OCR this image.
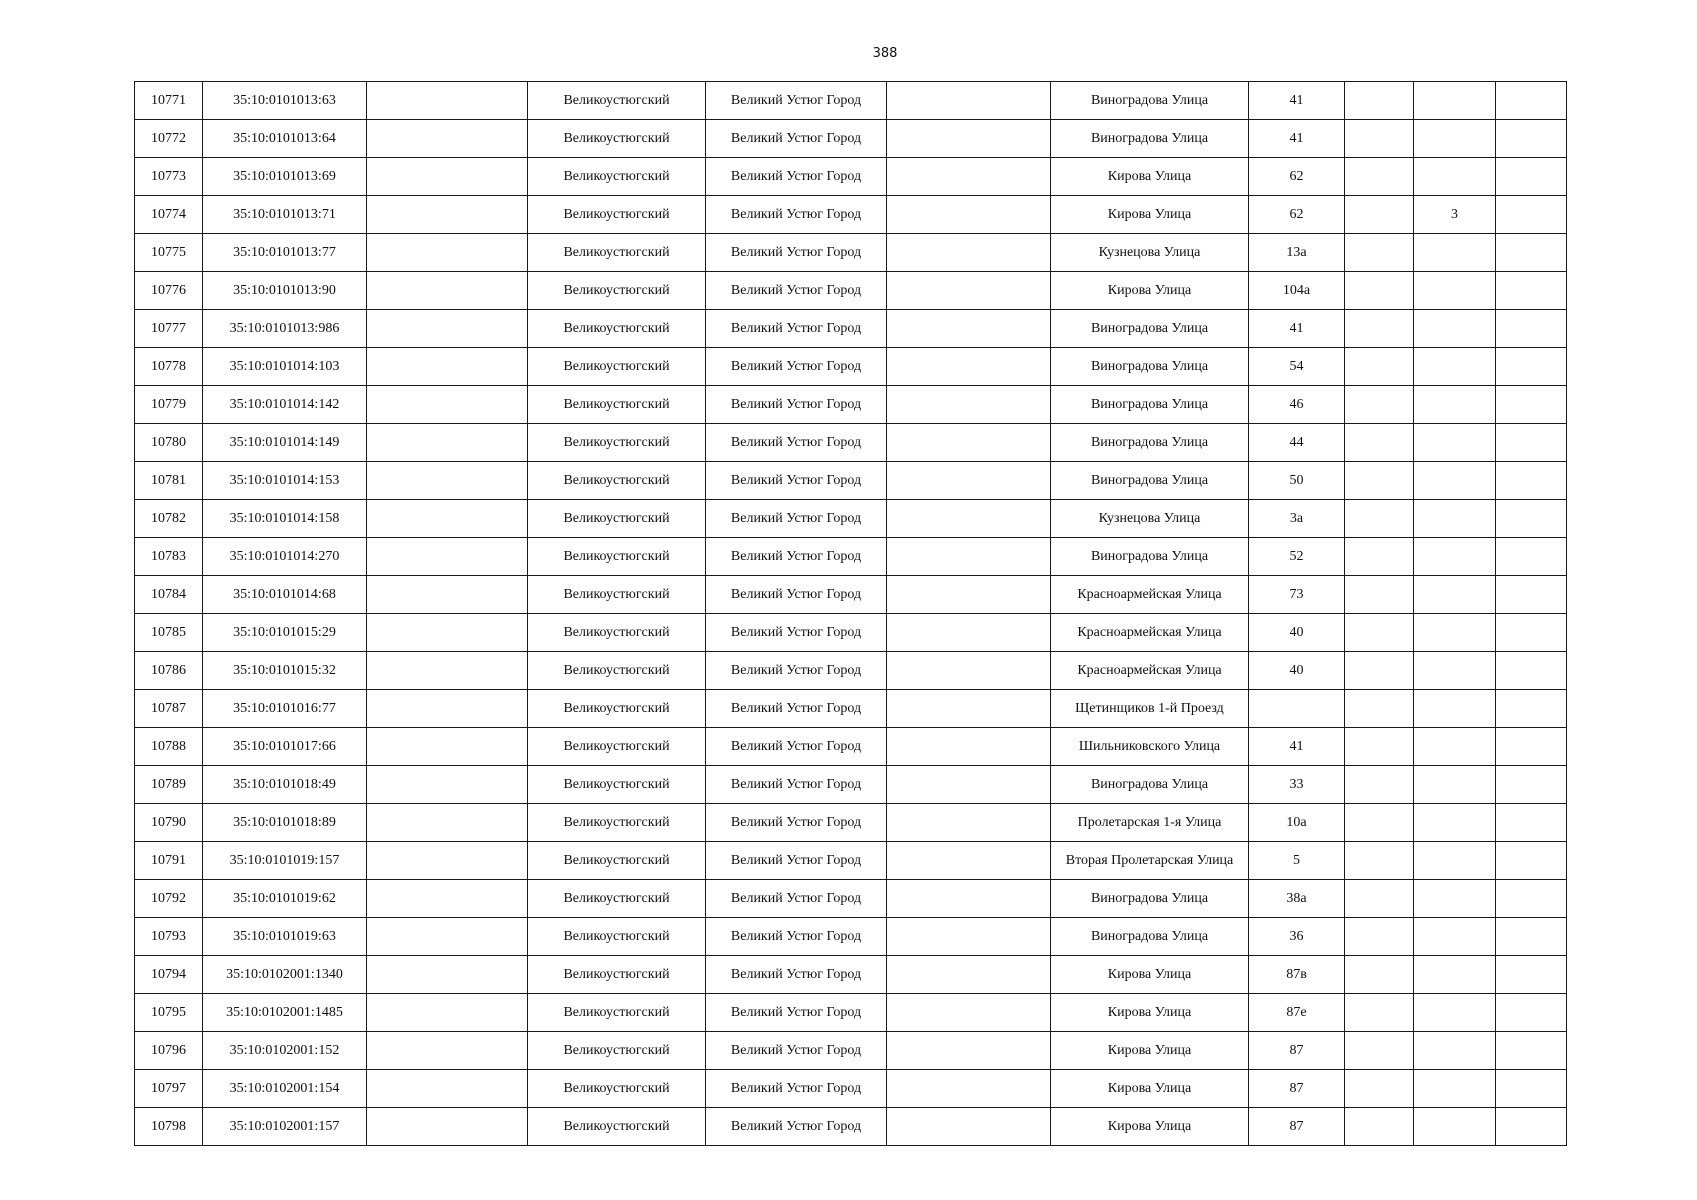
388
10771	35:10:0101013:63		Великоустюгский	Великий Устюг Город		Виноградова Улица	41			
10772	35:10:0101013:64		Великоустюгский	Великий Устюг Город		Виноградова Улица	41			
10773	35:10:0101013:69		Великоустюгский	Великий Устюг Город		Кирова Улица	62			
10774	35:10:0101013:71		Великоустюгский	Великий Устюг Город		Кирова Улица	62		3	
10775	35:10:0101013:77		Великоустюгский	Великий Устюг Город		Кузнецова Улица	13а			
10776	35:10:0101013:90		Великоустюгский	Великий Устюг Город		Кирова Улица	104а			
10777	35:10:0101013:986		Великоустюгский	Великий Устюг Город		Виноградова Улица	41			
10778	35:10:0101014:103		Великоустюгский	Великий Устюг Город		Виноградова Улица	54			
10779	35:10:0101014:142		Великоустюгский	Великий Устюг Город		Виноградова Улица	46			
10780	35:10:0101014:149		Великоустюгский	Великий Устюг Город		Виноградова Улица	44			
10781	35:10:0101014:153		Великоустюгский	Великий Устюг Город		Виноградова Улица	50			
10782	35:10:0101014:158		Великоустюгский	Великий Устюг Город		Кузнецова Улица	3а			
10783	35:10:0101014:270		Великоустюгский	Великий Устюг Город		Виноградова Улица	52			
10784	35:10:0101014:68		Великоустюгский	Великий Устюг Город		Красноармейская Улица	73			
10785	35:10:0101015:29		Великоустюгский	Великий Устюг Город		Красноармейская Улица	40			
10786	35:10:0101015:32		Великоустюгский	Великий Устюг Город		Красноармейская Улица	40			
10787	35:10:0101016:77		Великоустюгский	Великий Устюг Город		Щетинщиков 1-й Проезд				
10788	35:10:0101017:66		Великоустюгский	Великий Устюг Город		Шильниковского Улица	41			
10789	35:10:0101018:49		Великоустюгский	Великий Устюг Город		Виноградова Улица	33			
10790	35:10:0101018:89		Великоустюгский	Великий Устюг Город		Пролетарская 1-я Улица	10а			
10791	35:10:0101019:157		Великоустюгский	Великий Устюг Город		Вторая Пролетарская Улица	5			
10792	35:10:0101019:62		Великоустюгский	Великий Устюг Город		Виноградова Улица	38а			
10793	35:10:0101019:63		Великоустюгский	Великий Устюг Город		Виноградова Улица	36			
10794	35:10:0102001:1340		Великоустюгский	Великий Устюг Город		Кирова Улица	87в			
10795	35:10:0102001:1485		Великоустюгский	Великий Устюг Город		Кирова Улица	87е			
10796	35:10:0102001:152		Великоустюгский	Великий Устюг Город		Кирова Улица	87			
10797	35:10:0102001:154		Великоустюгский	Великий Устюг Город		Кирова Улица	87			
10798	35:10:0102001:157		Великоустюгский	Великий Устюг Город		Кирова Улица	87			
